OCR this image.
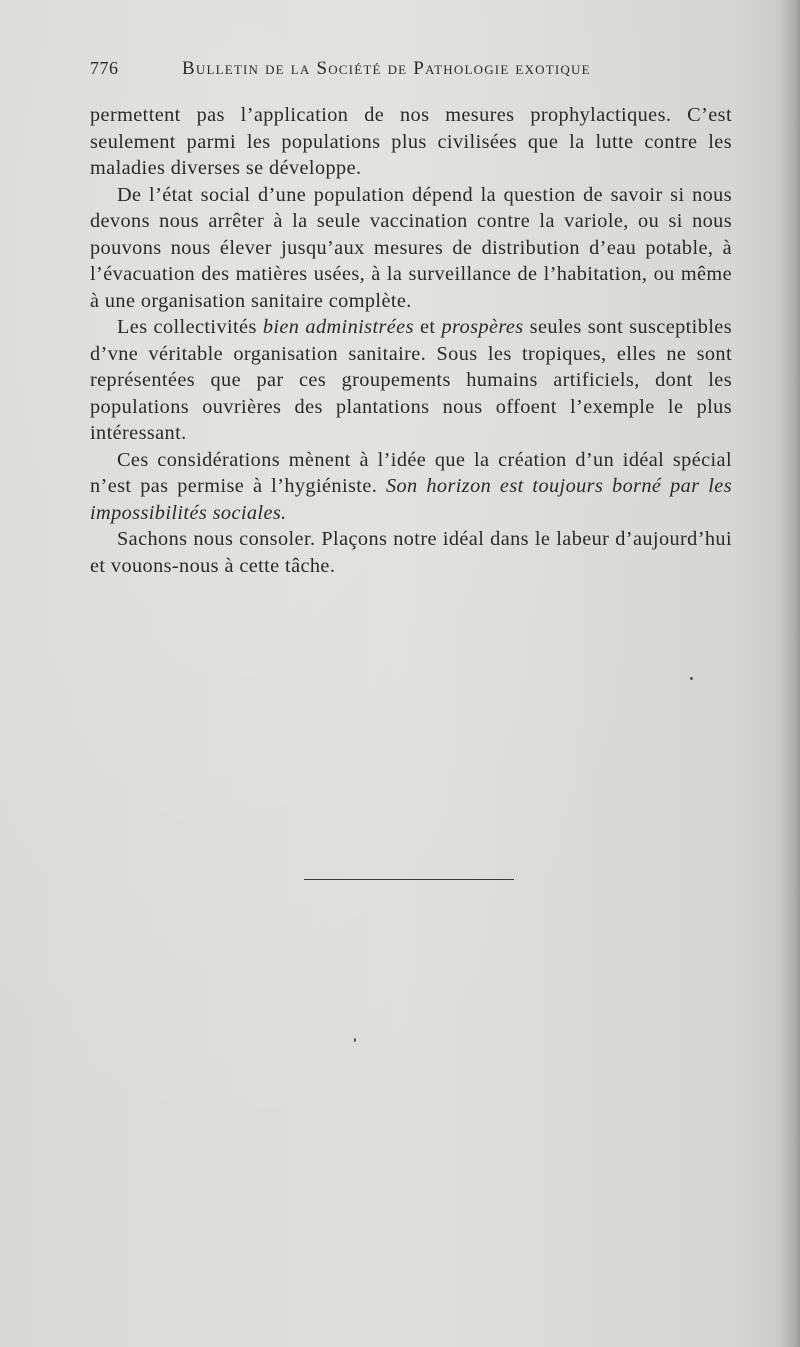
776	Bulletin de la Société de Pathologie exotique

permettent pas l’application de nos mesures prophylactiques. C’est seulement parmi les populations plus civilisées que la lutte contre les maladies diverses se développe.

De l’état social d’une population dépend la question de savoir si nous devons nous arrêter à la seule vaccination contre la variole, ou si nous pouvons nous élever jusqu’aux mesures de distribution d’eau potable, à l’évacuation des matières usées, à la surveillance de l’habitation, ou même à une organisation sanitaire complète.

Les collectivités bien administrées et prospères seules sont susceptibles d’vne véritable organisation sanitaire. Sous les tropiques, elles ne sont représentées que par ces groupements humains artificiels, dont les populations ouvrières des plantations nous offoent l’exemple le plus intéressant.

Ces considérations mènent à l’idée que la création d’un idéal spécial n’est pas permise à l’hygiéniste. Son horizon est toujours borné par les impossibilités sociales.

Sachons nous consoler. Plaçons notre idéal dans le labeur d’aujourd’hui et vouons-nous à cette tâche.
